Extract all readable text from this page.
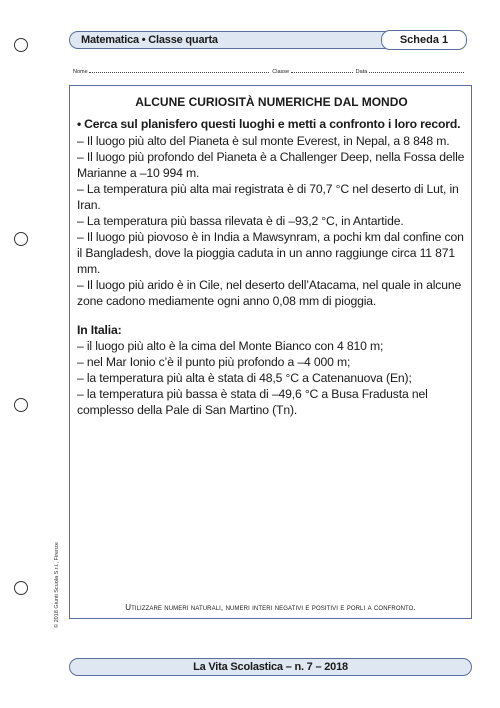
Matematica • Classe quarta	Scheda 1
Nome	Classe	Data
ALCUNE CURIOSITÀ NUMERICHE DAL MONDO
• Cerca sul planisfero questi luoghi e metti a confronto i loro record.

– Il luogo più alto del Pianeta è sul monte Everest, in Nepal, a 8 848 m.

– Il luogo più profondo del Pianeta è a Challenger Deep, nella Fossa delle Marianne a –10 994 m.

– La temperatura più alta mai registrata è di 70,7 °C nel deserto di Lut, in Iran.

– La temperatura più bassa rilevata è di –93,2 °C, in Antartide.

– Il luogo più piovoso è in India a Mawsynram, a pochi km dal confine con il Bangladesh, dove la pioggia caduta in un anno raggiunge circa 11 871 mm.

– Il luogo più arido è in Cile, nel deserto dell’Atacama, nel quale in alcune zone cadono mediamente ogni anno 0,08 mm di pioggia.

In Italia:

– il luogo più alto è la cima del Monte Bianco con 4 810 m;

– nel Mar Ionio c’è il punto più profondo a –4 000 m;

– la temperatura più alta è stata di 48,5 °C a Catenanuova (En);

– la temperatura più bassa è stata di –49,6 °C a Busa Fradusta nel complesso della Pale di San Martino (Tn).

Utilizzare numeri naturali, numeri interi negativi e positivi e porli a confronto.
© 2018 Giunti Scuola S.r.l., Firenze
La Vita Scolastica – n. 7 – 2018
